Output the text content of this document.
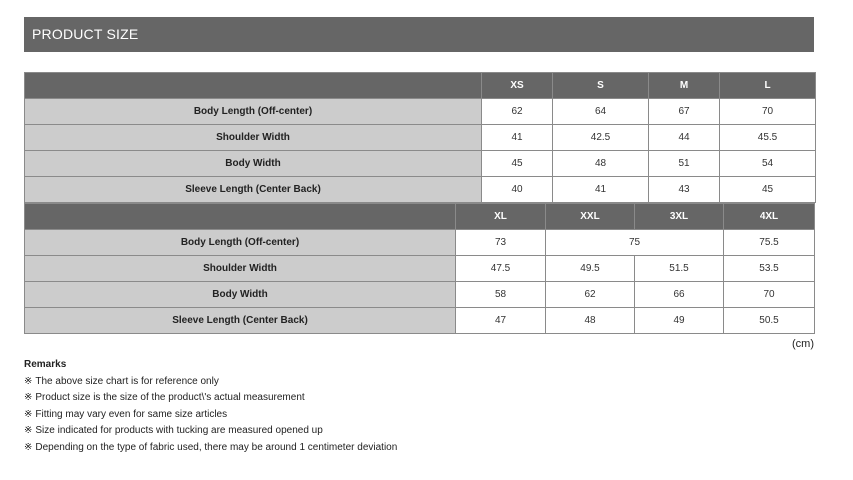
PRODUCT SIZE
	XS	S	M	L
Body Length (Off-center)	62	64	67	70
Shoulder Width	41	42.5	44	45.5
Body Width	45	48	51	54
Sleeve Length (Center Back)	40	41	43	45
	XL	XXL	3XL	4XL
Body Length (Off-center)	73	75		75.5
Shoulder Width	47.5	49.5	51.5	53.5
Body Width	58	62	66	70
Sleeve Length (Center Back)	47	48	49	50.5
(cm)
Remarks
※ The above size chart is for reference only
※ Product size is the size of the product\'s actual measurement
※ Fitting may vary even for same size articles
※ Size indicated for products with tucking are measured opened up
※ Depending on the type of fabric used, there may be around 1 centimeter deviation
